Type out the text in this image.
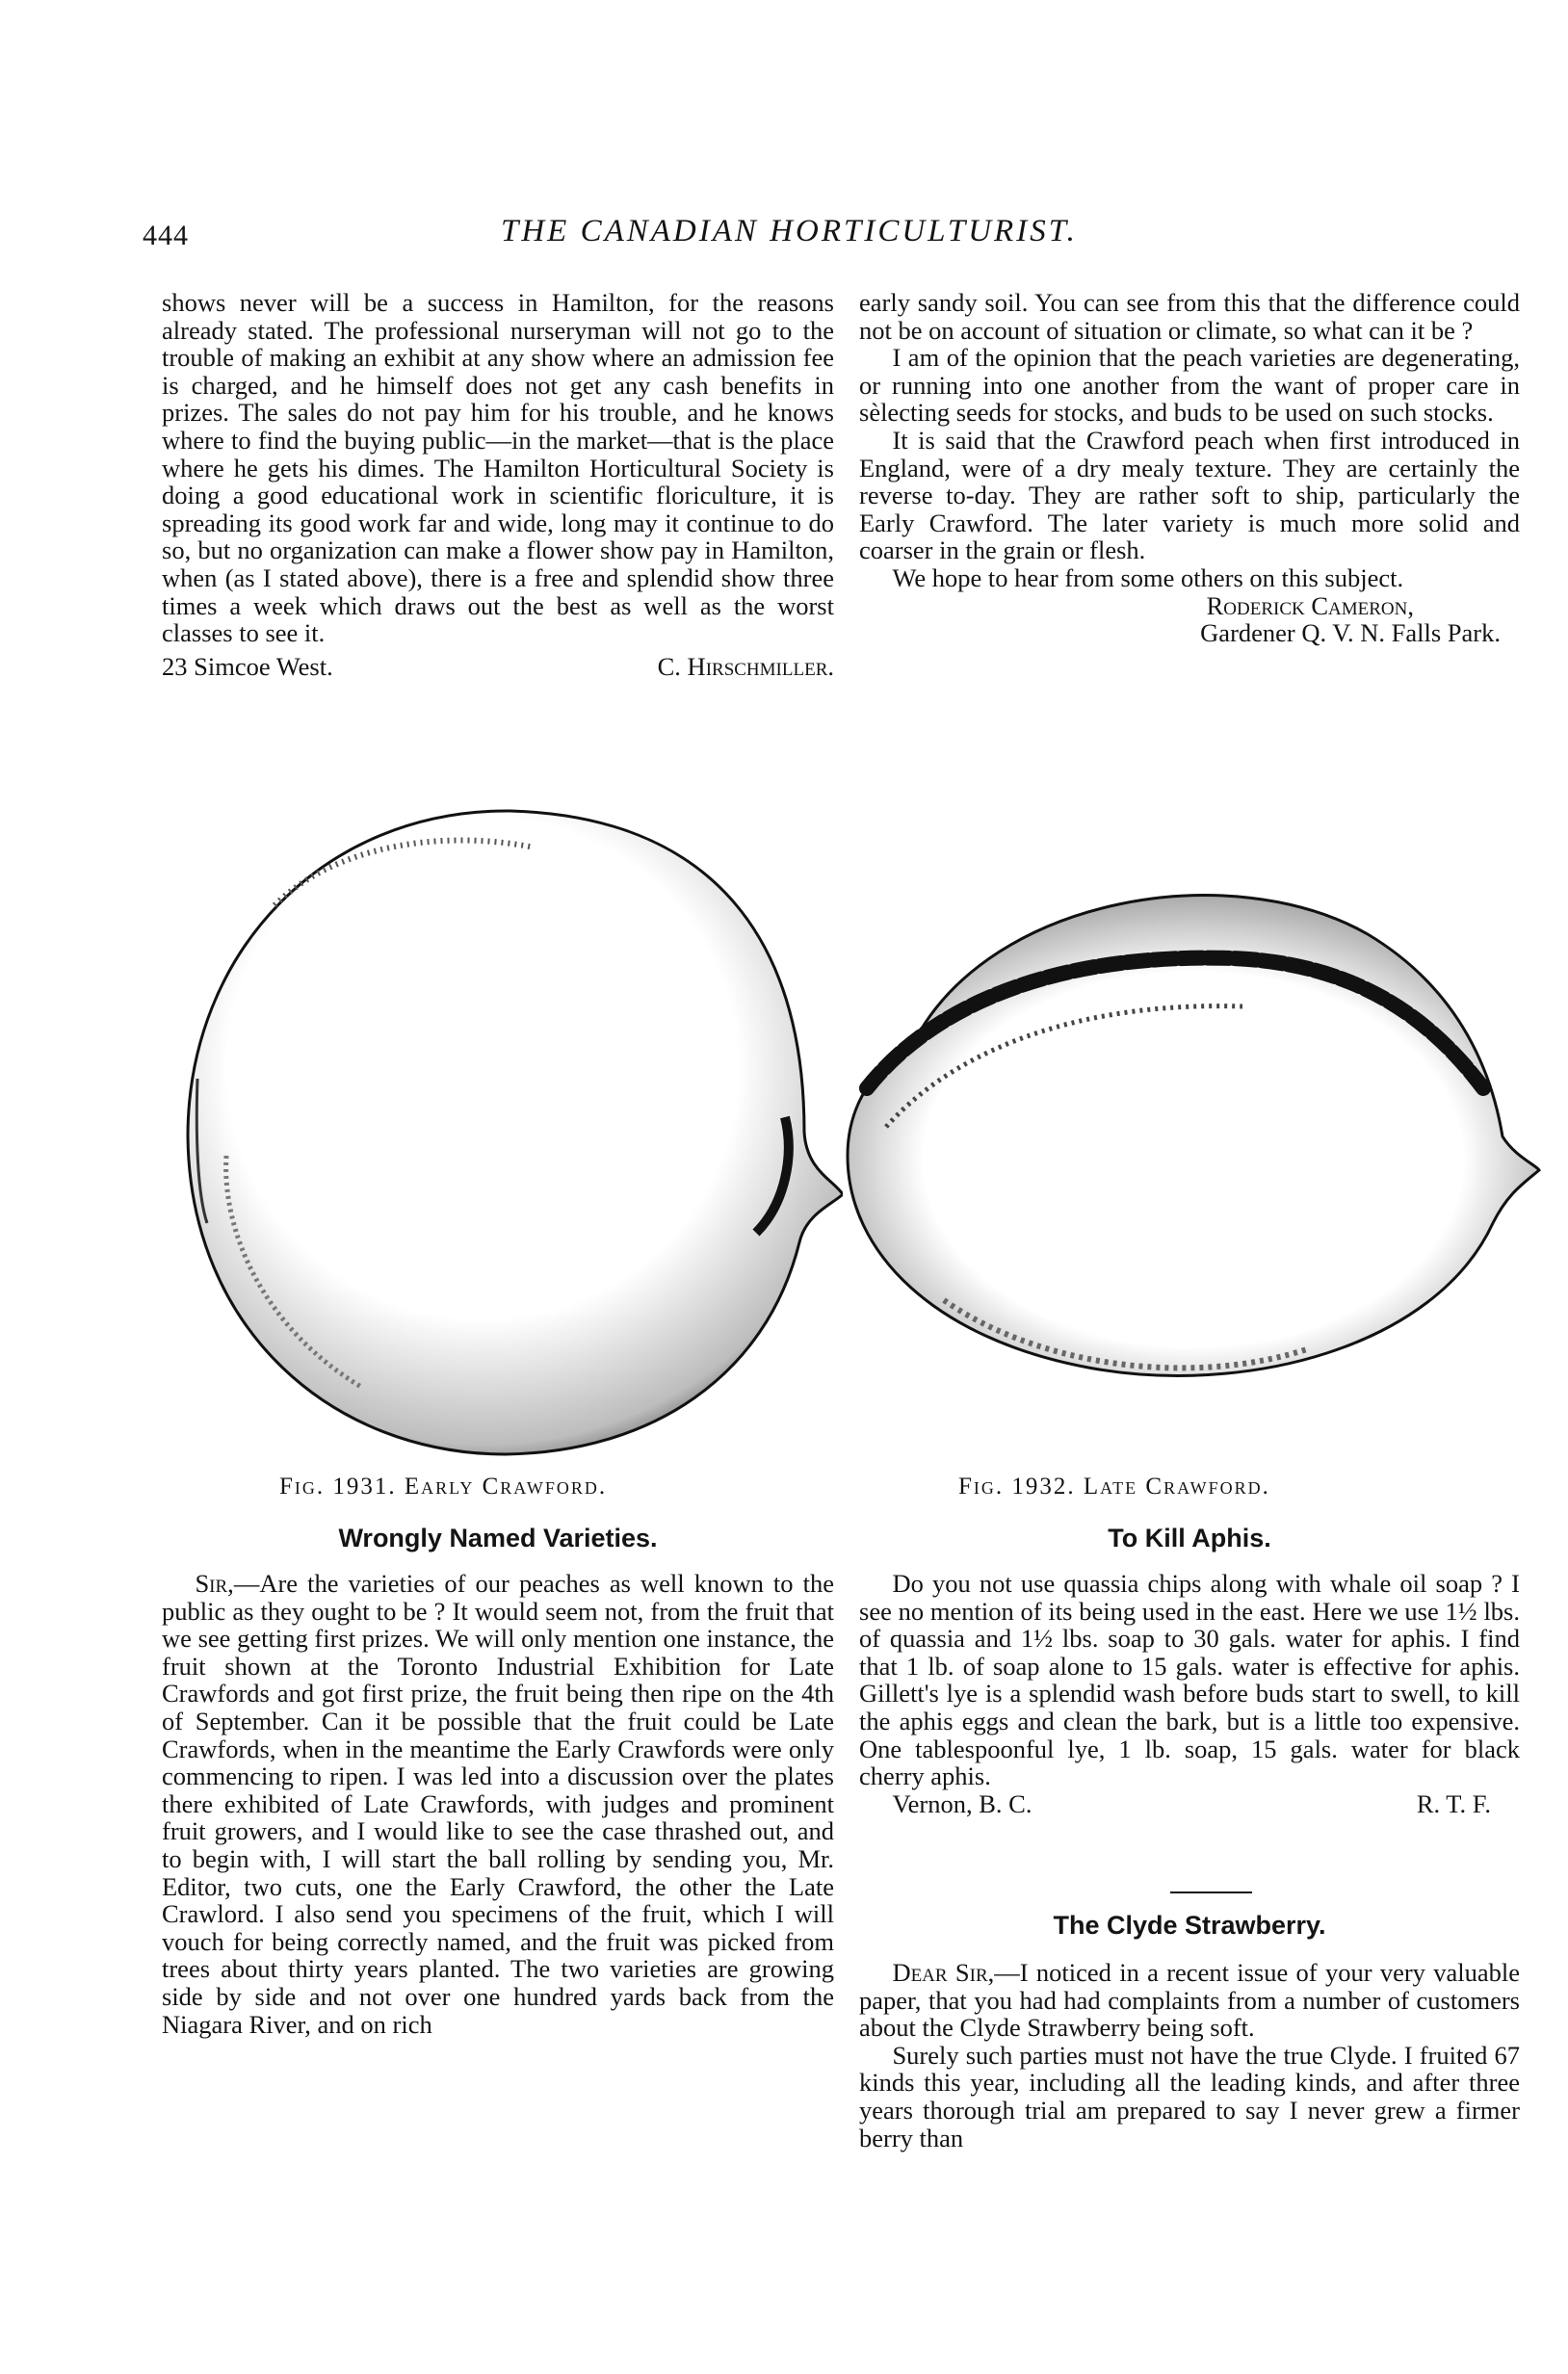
444	THE CANADIAN HORTICULTURIST.

shows never will be a success in Hamilton, for the reasons already stated. The professional nurseryman will not go to the trouble of making an exhibit at any show where an admission fee is charged, and he himself does not get any cash benefits in prizes. The sales do not pay him for his trouble, and he knows where to find the buying public—in the market—that is the place where he gets his dimes. The Hamilton Horticultural Society is doing a good educational work in scientific floriculture, it is spreading its good work far and wide, long may it continue to do so, but no organization can make a flower show pay in Hamilton, when (as I stated above), there is a free and splendid show three times a week which draws out the best as well as the worst classes to see it.

23 Simcoe West.	C. Hirschmiller.

early sandy soil. You can see from this that the difference could not be on account of situation or climate, so what can it be ?

I am of the opinion that the peach varieties are degenerating, or running into one another from the want of proper care in sèlecting seeds for stocks, and buds to be used on such stocks.

It is said that the Crawford peach when first introduced in England, were of a dry mealy texture. They are certainly the reverse to-day. They are rather soft to ship, particularly the Early Crawford. The later variety is much more solid and coarser in the grain or flesh.

We hope to hear from some others on this subject.

Roderick Cameron,
Gardener Q. V. N. Falls Park.
Fig. 1931. Early Crawford.	Fig. 1932. Late Crawford.
Wrongly Named Varieties.

Sir,—Are the varieties of our peaches as well known to the public as they ought to be ? It would seem not, from the fruit that we see getting first prizes. We will only mention one instance, the fruit shown at the Toronto Industrial Exhibition for Late Crawfords and got first prize, the fruit being then ripe on the 4th of September. Can it be possible that the fruit could be Late Crawfords, when in the meantime the Early Crawfords were only commencing to ripen. I was led into a discussion over the plates there exhibited of Late Crawfords, with judges and prominent fruit growers, and I would like to see the case thrashed out, and to begin with, I will start the ball rolling by sending you, Mr. Editor, two cuts, one the Early Crawford, the other the Late Crawlord. I also send you specimens of the fruit, which I will vouch for being correctly named, and the fruit was picked from trees about thirty years planted. The two varieties are growing side by side and not over one hundred yards back from the Niagara River, and on rich

To Kill Aphis.

Do you not use quassia chips along with whale oil soap ? I see no mention of its being used in the east. Here we use 1½ lbs. of quassia and 1½ lbs. soap to 30 gals. water for aphis. I find that 1 lb. of soap alone to 15 gals. water is effective for aphis. Gillett's lye is a splendid wash before buds start to swell, to kill the aphis eggs and clean the bark, but is a little too expensive. One tablespoonful lye, 1 lb. soap, 15 gals. water for black cherry aphis.

Vernon, B. C.	R. T. F.
The Clyde Strawberry.

Dear Sir,—I noticed in a recent issue of your very valuable paper, that you had had complaints from a number of customers about the Clyde Strawberry being soft.

Surely such parties must not have the true Clyde. I fruited 67 kinds this year, including all the leading kinds, and after three years thorough trial am prepared to say I never grew a firmer berry than
